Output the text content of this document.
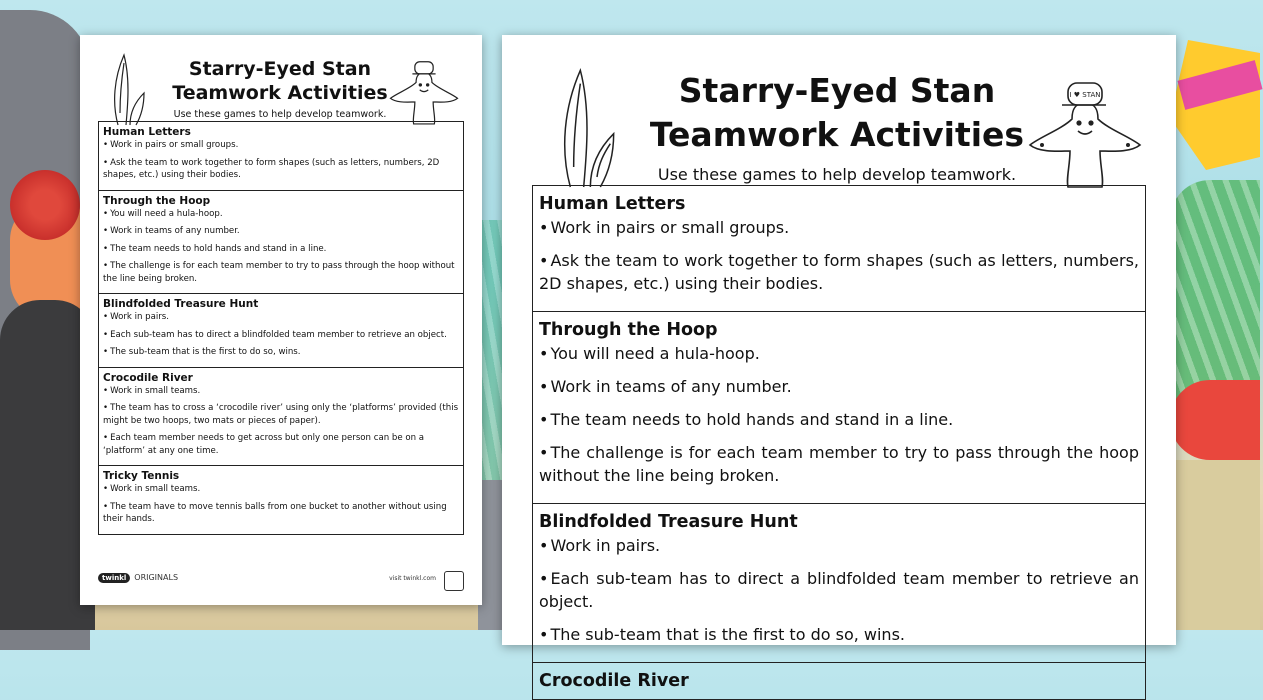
Starry-Eyed Stan
Teamwork Activities
Use these games to help develop teamwork.
Human Letters
• Work in pairs or small groups.
• Ask the team to work together to form shapes (such as letters, numbers, 2D shapes, etc.) using their bodies.
Through the Hoop
• You will need a hula-hoop.
• Work in teams of any number.
• The team needs to hold hands and stand in a line.
• The challenge is for each team member to try to pass through the hoop without the line being broken.
Blindfolded Treasure Hunt
• Work in pairs.
• Each sub-team has to direct a blindfolded team member to retrieve an object.
• The sub-team that is the first to do so, wins.
Crocodile River
• Work in small teams.
• The team has to cross a ‘crocodile river’ using only the ‘platforms’ provided (this might be two hoops, two mats or pieces of paper).
• Each team member needs to get across but only one person can be on a ‘platform’ at any one time.
Tricky Tennis
• Work in small teams.
• The team have to move tennis balls from one bucket to another without using their hands.
twinkl ORIGINALS	visit twinkl.com
I ♥ STAN
Starry-Eyed Stan
Teamwork Activities
Use these games to help develop teamwork.
Human Letters
• Work in pairs or small groups.
• Ask the team to work together to form shapes (such as letters, numbers, 2D shapes, etc.) using their bodies.
Through the Hoop
• You will need a hula-hoop.
• Work in teams of any number.
• The team needs to hold hands and stand in a line.
• The challenge is for each team member to try to pass through the hoop without the line being broken.
Blindfolded Treasure Hunt
• Work in pairs.
• Each sub-team has to direct a blindfolded team member to retrieve an object.
• The sub-team that is the first to do so, wins.
Crocodile River
